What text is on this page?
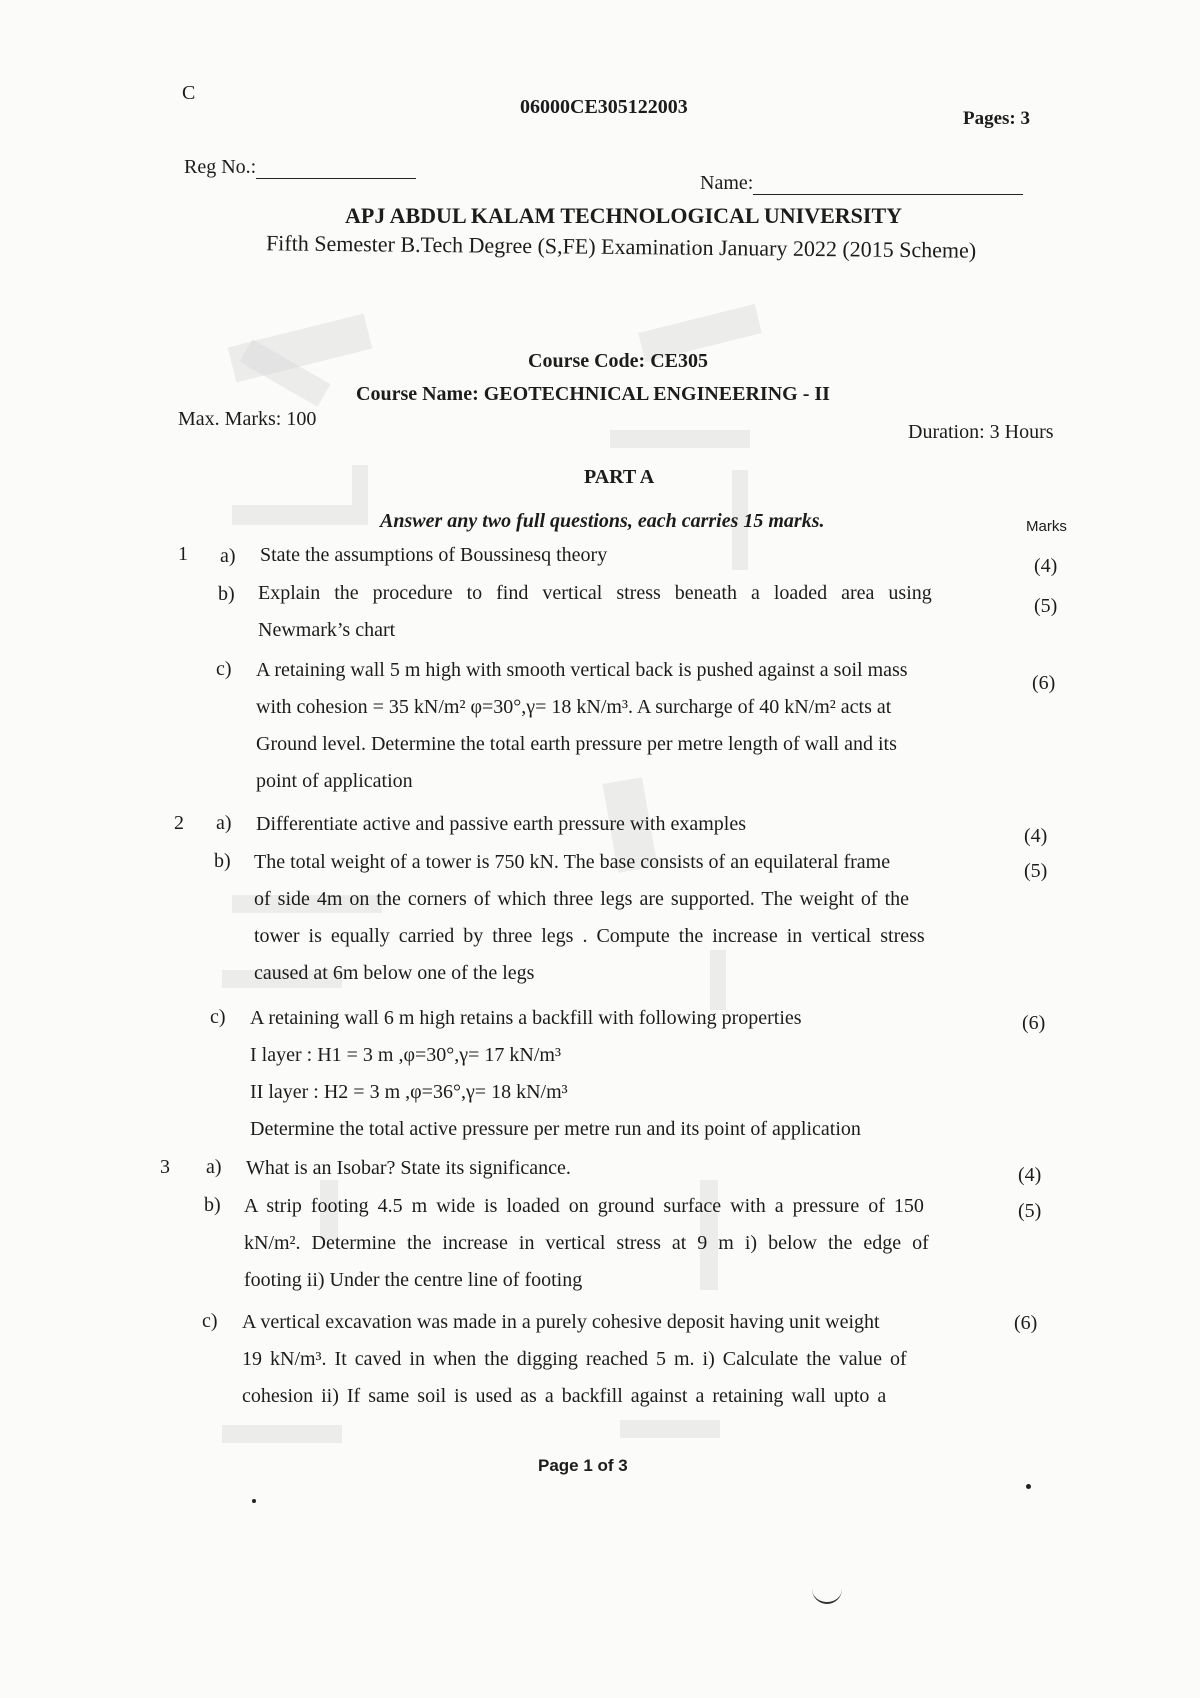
C
06000CE305122003
Pages: 3
Reg No.:
Name:
APJ ABDUL KALAM TECHNOLOGICAL UNIVERSITY
Fifth Semester B.Tech Degree (S,FE) Examination January 2022 (2015 Scheme)
Course Code: CE305
Course Name: GEOTECHNICAL ENGINEERING - II
Max. Marks: 100
Duration: 3 Hours
PART A
Answer any two full questions, each carries 15 marks.	Marks
1 a) State the assumptions of Boussinesq theory	(4)
b) Explain the procedure to find vertical stress beneath a loaded area using
Newmark’s chart
(5)
c) A retaining wall 5 m high with smooth vertical back is pushed against a soil mass
with cohesion = 35 kN/m² φ=30°,γ= 18 kN/m³. A surcharge of 40 kN/m² acts at
Ground level. Determine the total earth pressure per metre length of wall and its
point of application
(6)
2 a) Differentiate active and passive earth pressure with examples
(4)
b) The total weight of a tower is 750 kN. The base consists of an equilateral frame
of side 4m on the corners of which three legs are supported. The weight of the
tower is equally carried by three legs . Compute the increase in vertical stress
caused at 6m below one of the legs
(5)
c) A retaining wall 6 m high retains a backfill with following properties
I layer : H1 = 3 m ,φ=30°,γ= 17 kN/m³
II layer : H2 = 3 m ,φ=36°,γ= 18 kN/m³
Determine the total active pressure per metre run and its point of application
(6)
3 a) What is an Isobar? State its significance.	(4)
b) A strip footing 4.5 m wide is loaded on ground surface with a pressure of 150
kN/m². Determine the increase in vertical stress at 9 m i) below the edge of
footing ii) Under the centre line of footing
(5)
c) A vertical excavation was made in a purely cohesive deposit having unit weight
19 kN/m³. It caved in when the digging reached 5 m. i) Calculate the value of
cohesion ii) If same soil is used as a backfill against a retaining wall upto a
(6)
Page 1 of 3
